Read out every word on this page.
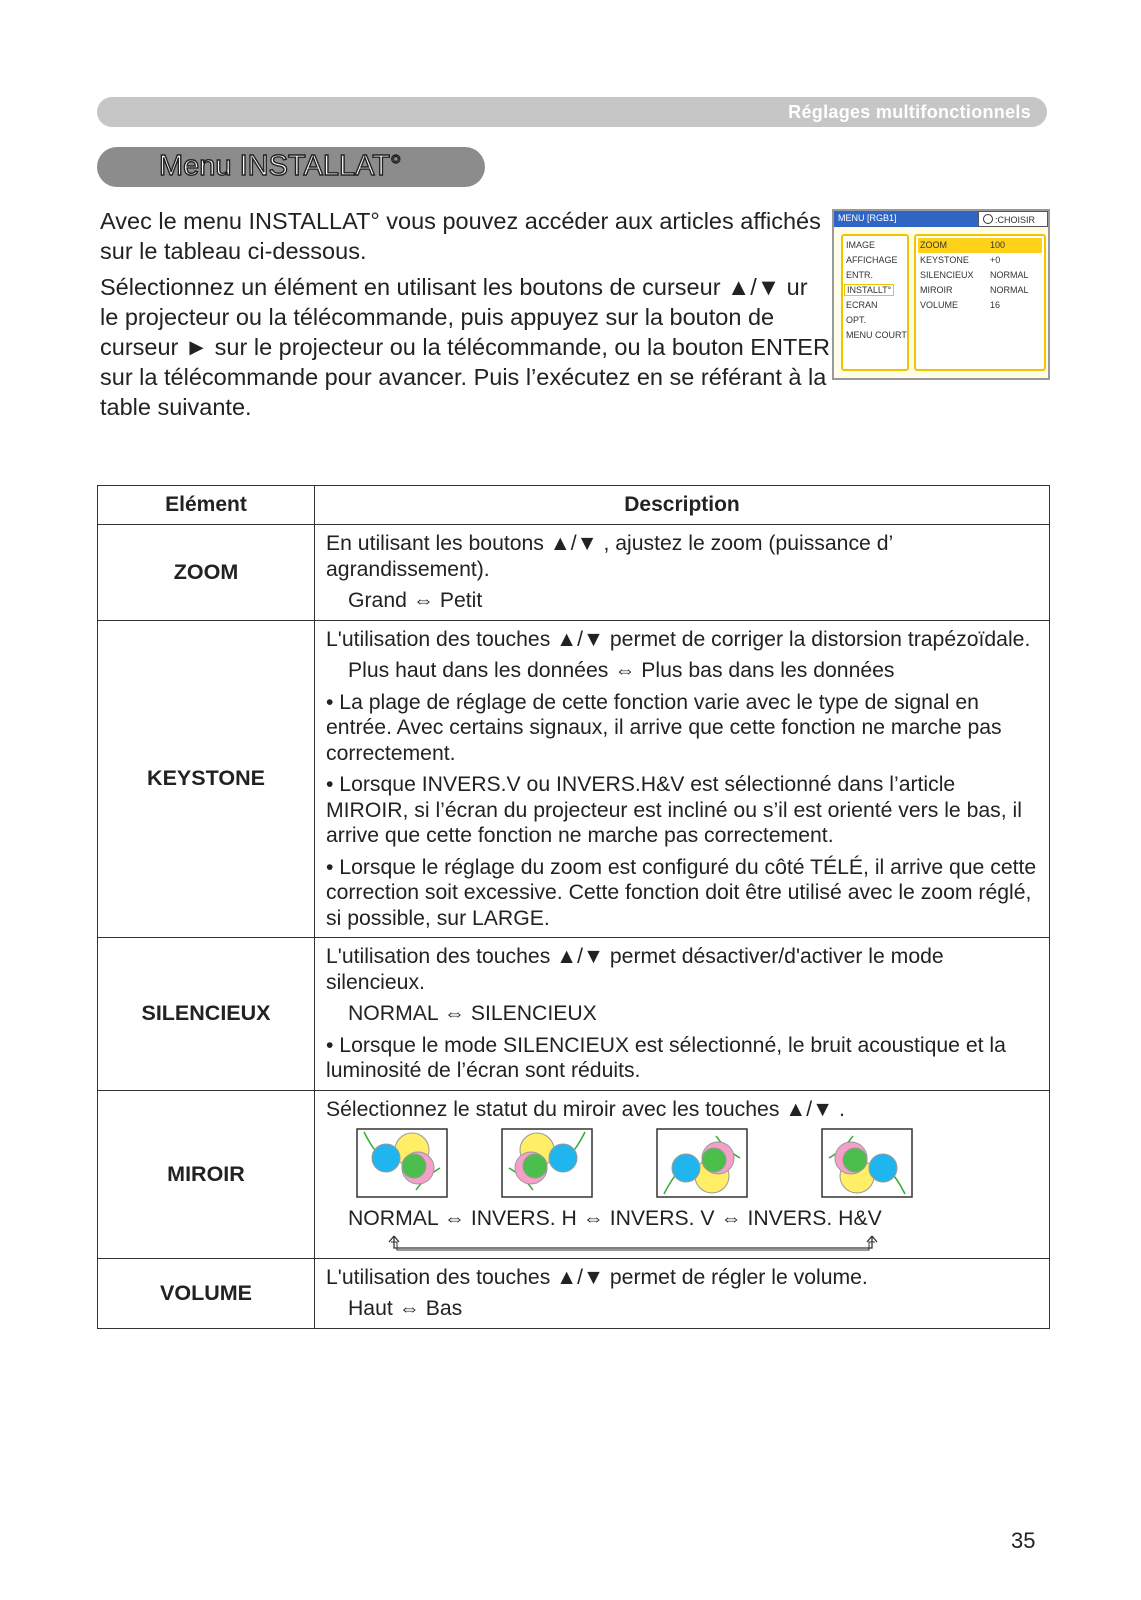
Réglages multifonctionnels
Menu INSTALLAT°

Avec le menu INSTALLAT° vous pouvez accéder aux articles affichés sur le tableau ci-dessous.

Sélectionnez un élément en utilisant les boutons de curseur ▲/▼ ur le projecteur ou la télécommande, puis appuyez sur la bouton de curseur ► sur le projecteur ou la télécommande, ou la bouton ENTER sur la télécommande pour avancer. Puis l’exécutez en se référant à la table suivante.

MENU [RGB1]	:CHOISIR
IMAGE
AFFICHAGE
ENTR.
INSTALLT°
ECRAN
OPT.
MENU COURT
ZOOM	100
KEYSTONE +0
SILENCIEUX NORMAL
MIROIR	NORMAL
VOLUME	16
Elément	Description
ZOOM	En utilisant les boutons ▲/▼ , ajustez le zoom (puissance d’ agrandissement).

Grand ⇔ Petit

KEYSTONE	L'utilisation des touches ▲/▼ permet de corriger la distorsion trapézoïdale.

Plus haut dans les données ⇔ Plus bas dans les données

• La plage de réglage de cette fonction varie avec le type de signal en entrée. Avec certains signaux, il arrive que cette fonction ne marche pas correctement.

• Lorsque INVERS.V ou INVERS.H&V est sélectionné dans l’article MIROIR, si l’écran du projecteur est incliné ou s’il est orienté vers le bas, il arrive que cette fonction ne marche pas correctement.

• Lorsque le réglage du zoom est configuré du côté TÉLÉ, il arrive que cette correction soit excessive. Cette fonction doit être utilisé avec le zoom réglé, si possible, sur LARGE.

SILENCIEUX	L'utilisation des touches ▲/▼ permet désactiver/d'activer le mode silencieux.

NORMAL ⇔ SILENCIEUX

• Lorsque le mode SILENCIEUX est sélectionné, le bruit acoustique et la luminosité de l’écran sont réduits.

MIROIR	Sélectionnez le statut du miroir avec les touches ▲/▼ .

NORMAL ⇔ INVERS. H ⇔ INVERS. V ⇔ INVERS. H&V

VOLUME	L'utilisation des touches ▲/▼ permet de régler le volume.

Haut ⇔ Bas

35
